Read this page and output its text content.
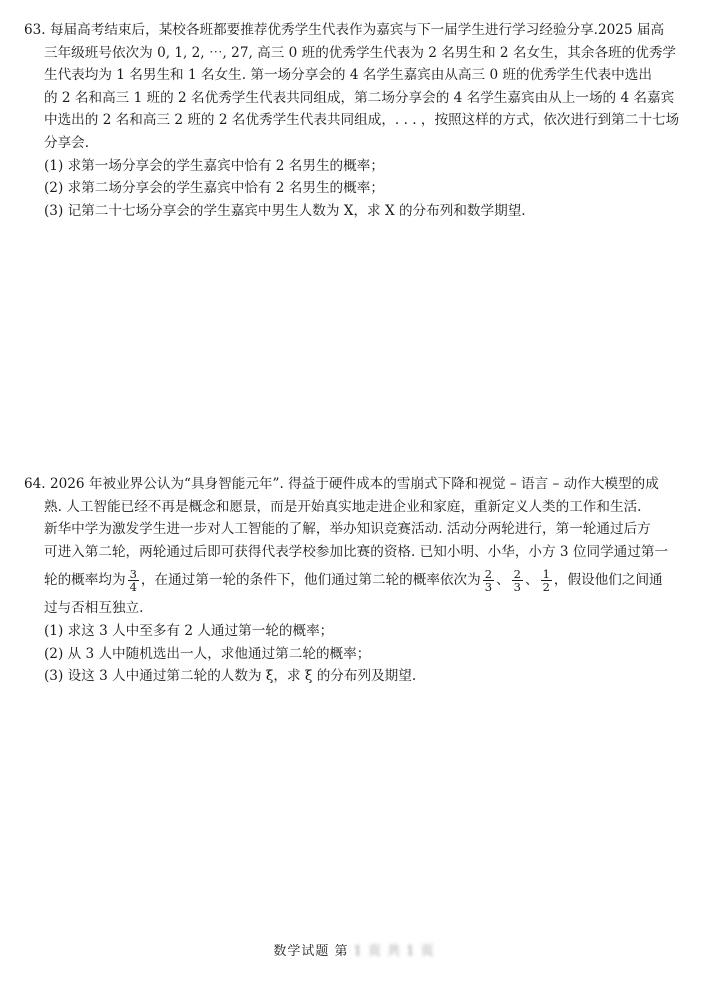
63. 每届高考结束后，某校各班都要推荐优秀学生代表作为嘉宾与下一届学生进行学习经验分享.2025 届高
三年级班号依次为 0, 1, 2, ⋯, 27, 高三 0 班的优秀学生代表为 2 名男生和 2 名女生，其余各班的优秀学
生代表均为 1 名男生和 1 名女生. 第一场分享会的 4 名学生嘉宾由从高三 0 班的优秀学生代表中选出
的 2 名和高三 1 班的 2 名优秀学生代表共同组成，第二场分享会的 4 名学生嘉宾由从上一场的 4 名嘉宾
中选出的 2 名和高三 2 班的 2 名优秀学生代表共同组成，. . . ，按照这样的方式，依次进行到第二十七场
分享会.
(1) 求第一场分享会的学生嘉宾中恰有 2 名男生的概率；
(2) 求第二场分享会的学生嘉宾中恰有 2 名男生的概率；
(3) 记第二十七场分享会的学生嘉宾中男生人数为 X，求 X 的分布列和数学期望.
64. 2026 年被业界公认为“具身智能元年”. 得益于硬件成本的雪崩式下降和视觉 – 语言 – 动作大模型的成
熟. 人工智能已经不再是概念和愿景，而是开始真实地走进企业和家庭，重新定义人类的工作和生活.
新华中学为激发学生进一步对人工智能的了解，举办知识竞赛活动. 活动分两轮进行，第一轮通过后方
可进入第二轮，两轮通过后即可获得代表学校参加比赛的资格. 已知小明、小华，小方 3 位同学通过第一
轮的概率均为 $\frac{3}{4}$ ，在通过第一轮的条件下，他们通过第二轮的概率依次为 $\frac{2}{3}$ 、 $\frac{2}{3}$ 、 $\frac{1}{2}$ ，假设他们之间通
过与否相互独立.
(1) 求这 3 人中至多有 2 人通过第一轮的概率；
(2) 从 3 人中随机选出一人，求他通过第二轮的概率；
(3) 设这 3 人中通过第二轮的人数为 ξ，求 ξ 的分布列及期望.
数学试题 第 1 页 共 1 页
